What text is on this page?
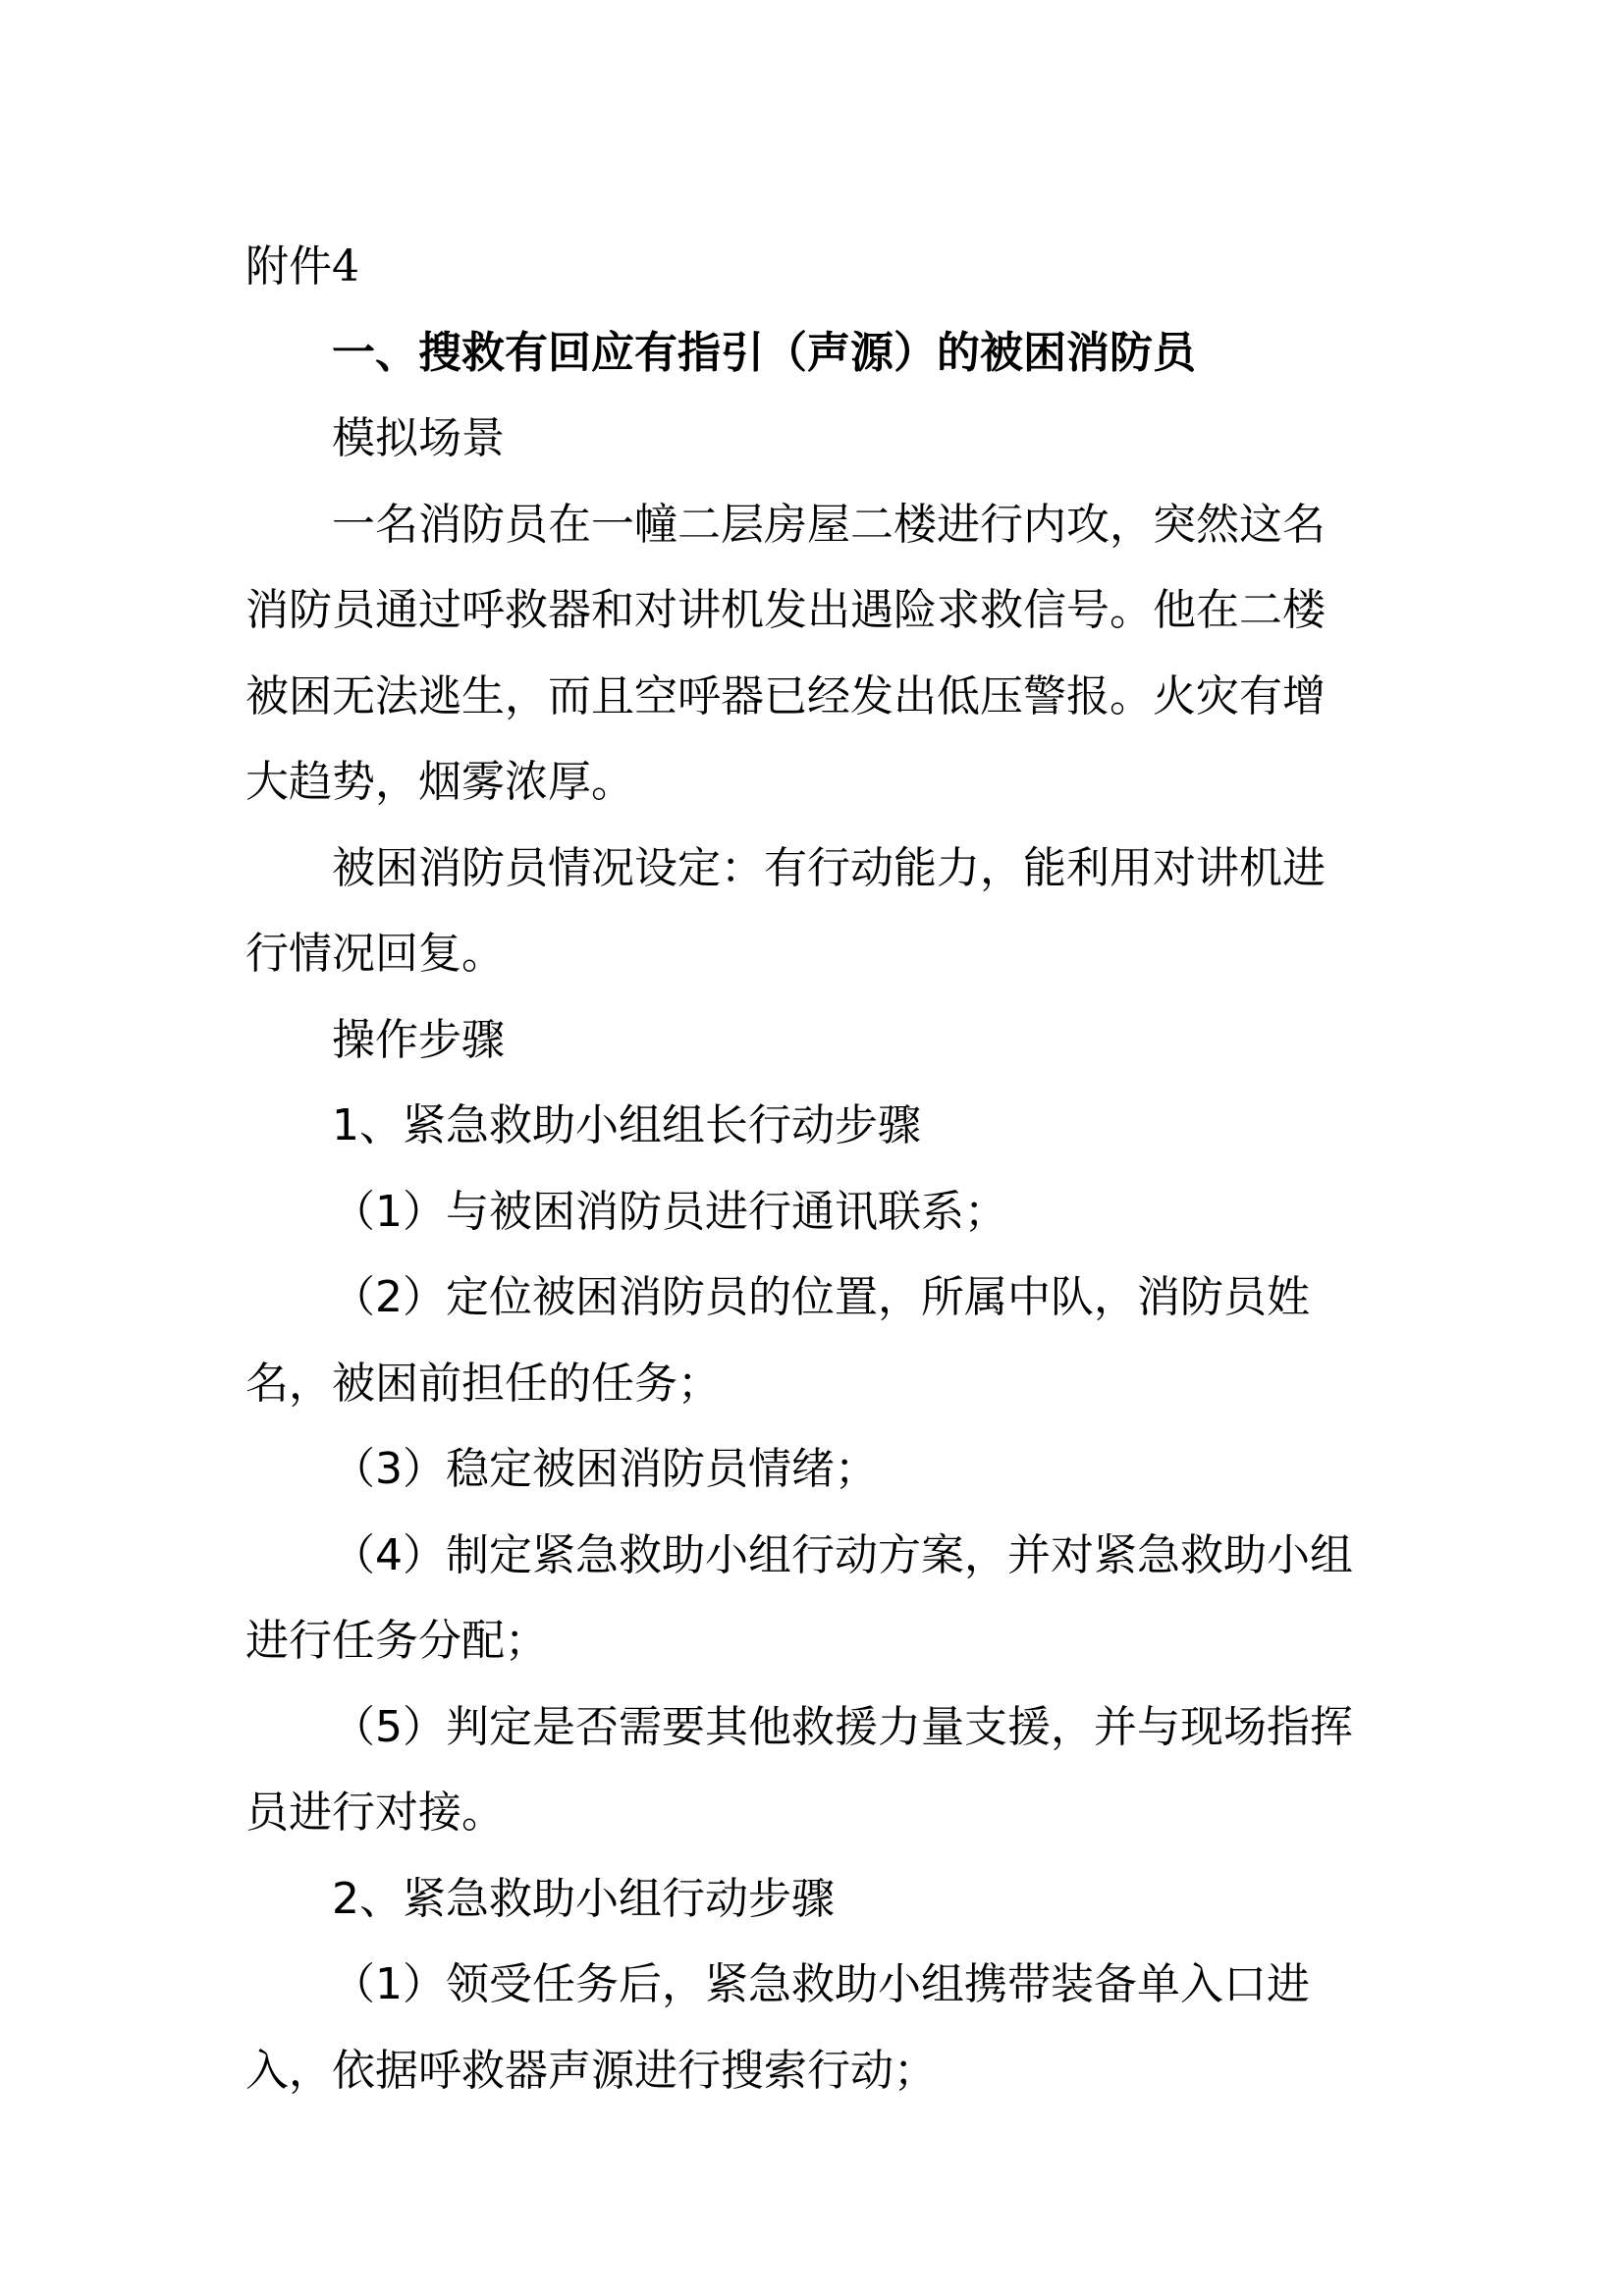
附件4
一、搜救有回应有指引（声源）的被困消防员
模拟场景
一名消防员在一幢二层房屋二楼进行内攻，突然这名
消防员通过呼救器和对讲机发出遇险求救信号。他在二楼
被困无法逃生，而且空呼器已经发出低压警报。火灾有增
大趋势，烟雾浓厚。
被困消防员情况设定：有行动能力，能利用对讲机进
行情况回复。
操作步骤
1、紧急救助小组组长行动步骤
（1）与被困消防员进行通讯联系；
（2）定位被困消防员的位置，所属中队，消防员姓
名，被困前担任的任务；
（3）稳定被困消防员情绪；
（4）制定紧急救助小组行动方案，并对紧急救助小组
进行任务分配；
（5）判定是否需要其他救援力量支援，并与现场指挥
员进行对接。
2、紧急救助小组行动步骤
（1）领受任务后，紧急救助小组携带装备单入口进
入，依据呼救器声源进行搜索行动；
